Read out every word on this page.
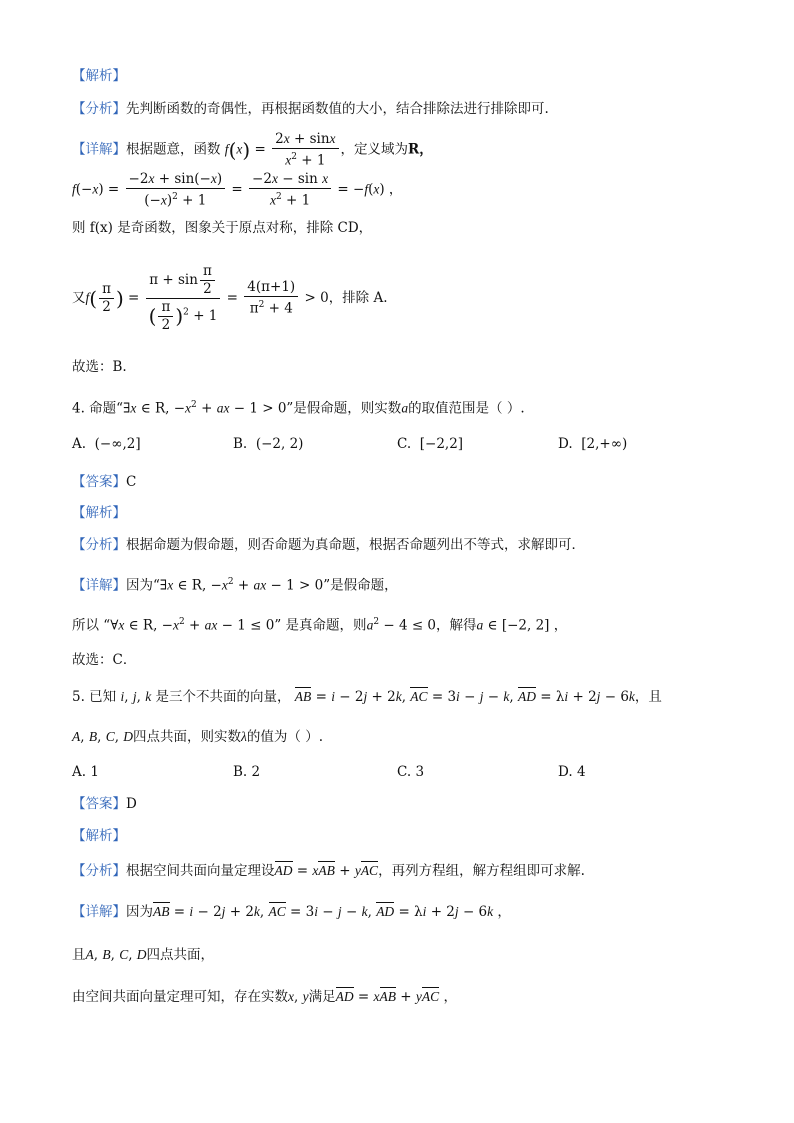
【解析】
【分析】先判断函数的奇偶性，再根据函数值的大小，结合排除法进行排除即可.
【详解】根据题意，函数 $f(x) = \frac{2x + \sin x}{x^2 + 1}$ ，定义域为R，
$f(-x) = \frac{-2x + \sin(-x)}{(-x)^2 + 1} = \frac{\text{−2x − sin x}}{x^2 + 1} = -f(x)$ ，
则 f(x) 是奇函数，图象关于原点对称，排除 CD，
又$f( \frac{\pi}{2}$ ) = $\frac{\pi + \sin \frac{\pi}{2}}{( \frac{\pi}{2} )^2 + 1} = \frac{4(\pi+1)}{\pi^2 + 4} > 0$，排除 A.
故选：B.
4. 命题“∃x ∈ R, $-x^2$ + ax − 1 > 0”是假命题，则实数a的取值范围是（ ）.
A. (−∞,2]	B. (−2, 2)	C. [−2,2]	D. [2,+∞)
【答案】C
【解析】
【分析】根据命题为假命题，则否命题为真命题，根据否命题列出不等式，求解即可．
【详解】因为“∃x ∈ R, $-x^2$ + ax − 1 > 0”是假命题，
所以 “∀x ∈ R, $-x^2$ + ax − 1 ≤ 0” 是真命题，则$a^2 - 4 \le 0$，解得a ∈ [−2, 2] ，
故选：C．
5. 已知 i, j, k 是三个不共面的向量， AB = i − 2j + 2k, AC = 3i − j − k, AD = λi + 2j − 6k，且
A, B, C, D四点共面，则实数λ的值为（ ）.
A. 1	B. 2	C. 3	D. 4
【答案】D
【解析】
【分析】根据空间共面向量定理设AD = xAB + yAC，再列方程组，解方程组即可求解.
【详解】因为AB = i − 2j + 2k, AC = 3i − j − k, AD = λi + 2j − 6k ，
且A, B, C, D四点共面，
由空间共面向量定理可知，存在实数x, y满足AD = xAB + yAC ，
